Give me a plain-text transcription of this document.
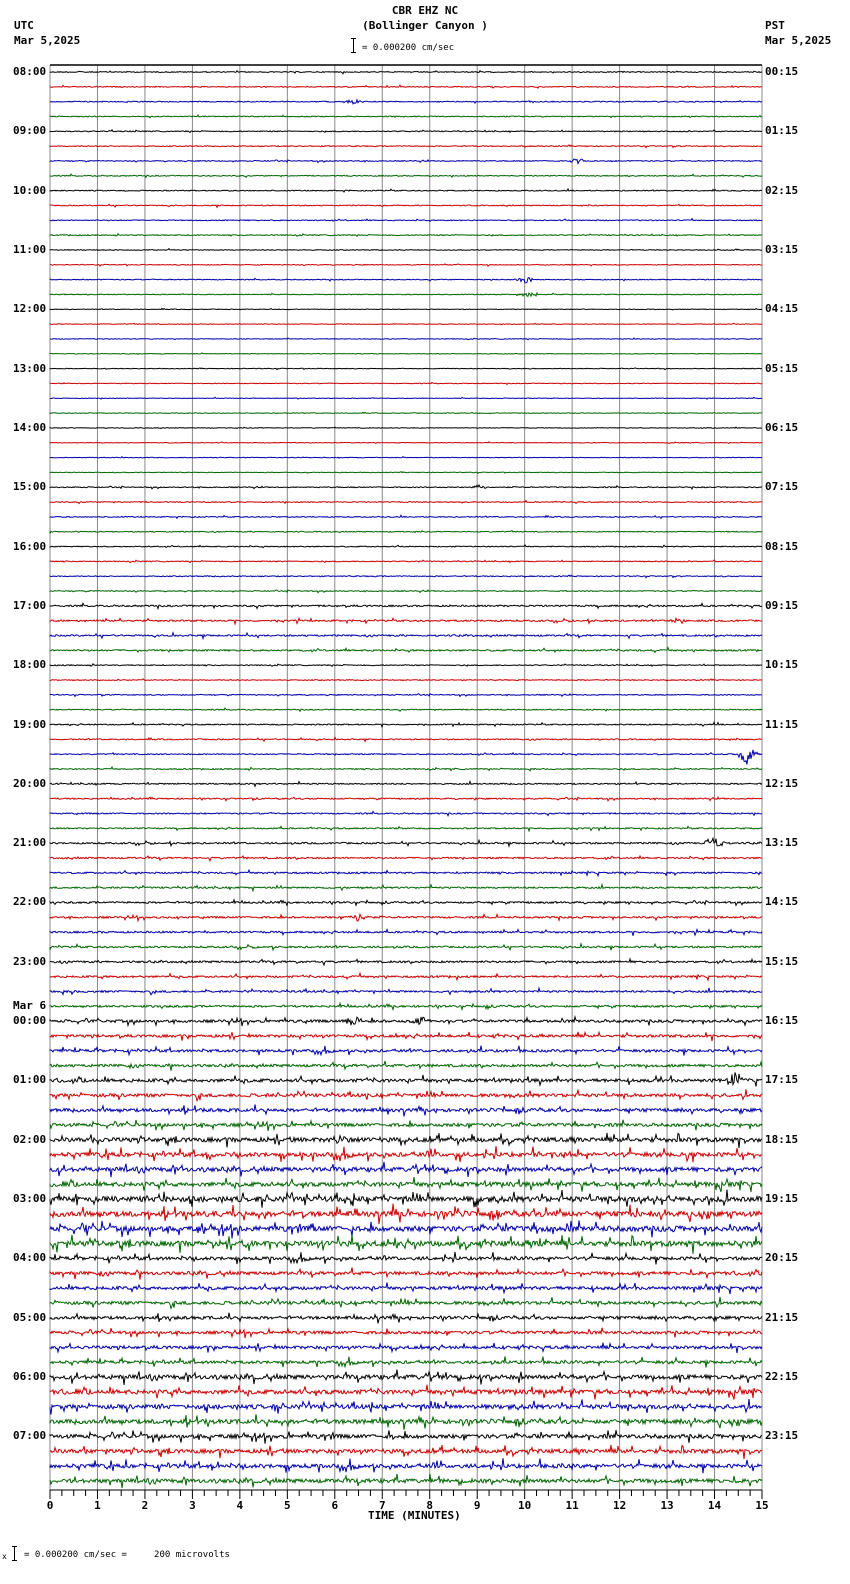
UTC
Mar 5,2025
CBR EHZ NC
(Bollinger Canyon )
= 0.000200 cm/sec
PST
Mar 5,2025
0	1	2	3	4	5	6	7	8	9	10	11	12	13	14	15
08:00
09:00
10:00
11:00
12:00
13:00
14:00
15:00
16:00
17:00
18:00
19:00
20:00
21:00
22:00
23:00
00:00
Mar 6
01:00
02:00
03:00
04:00
05:00
06:00
07:00
00:15
01:15
02:15
03:15
04:15
05:15
06:15
07:15
08:15
09:15
10:15
11:15
12:15
13:15
14:15
15:15
16:15
17:15
18:15
19:15
20:15
21:15
22:15
23:15
TIME (MINUTES)
x = 0.000200 cm/sec =     200 microvolts
